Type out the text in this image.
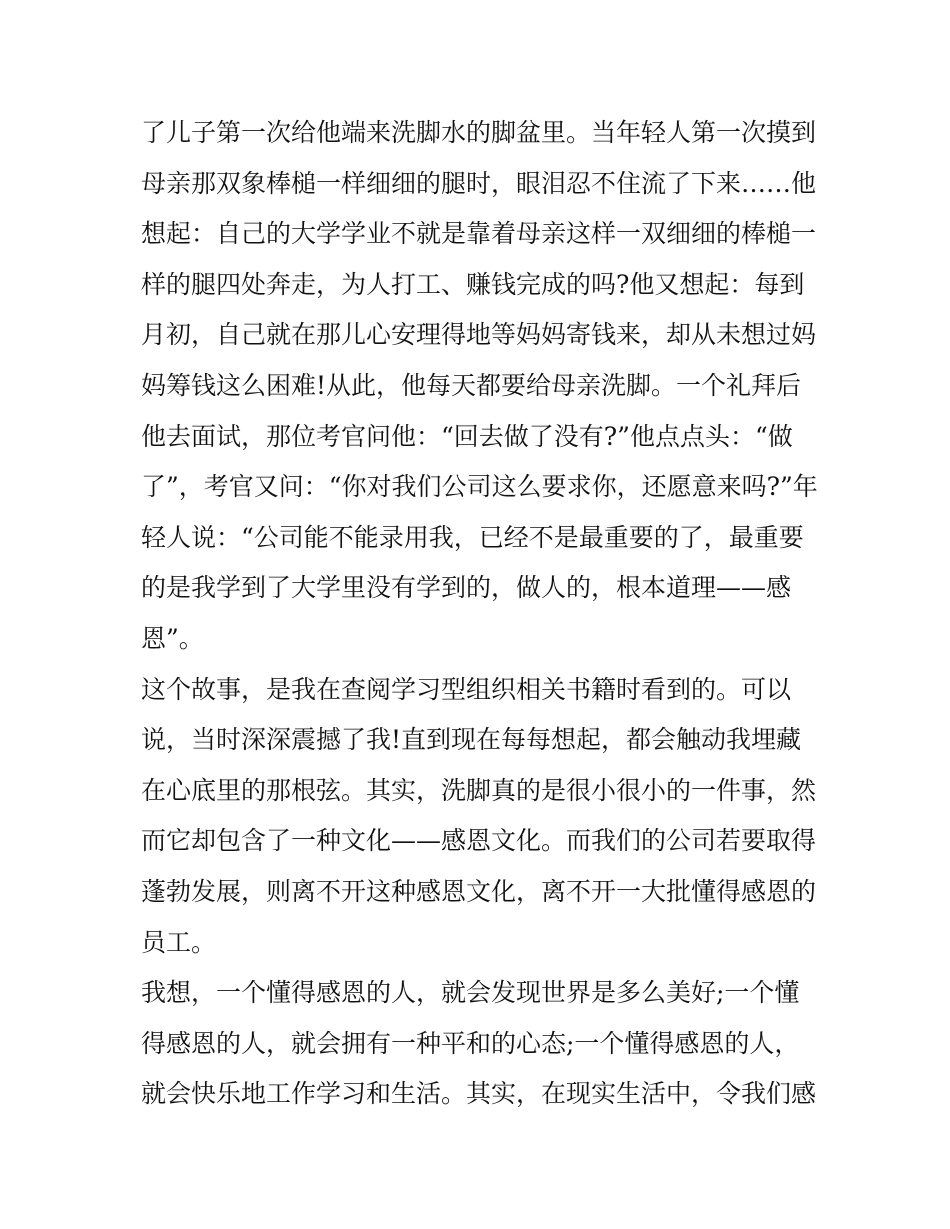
了儿子第一次给他端来洗脚水的脚盆里。当年轻人第一次摸到
母亲那双象棒槌一样细细的腿时，眼泪忍不住流了下来……他
想起：自己的大学学业不就是靠着母亲这样一双细细的棒槌一
样的腿四处奔走，为人打工、赚钱完成的吗?他又想起：每到
月初，自己就在那儿心安理得地等妈妈寄钱来，却从未想过妈
妈筹钱这么困难!从此，他每天都要给母亲洗脚。一个礼拜后
他去面试，那位考官问他：“回去做了没有?”他点点头：“做
了”，考官又问：“你对我们公司这么要求你，还愿意来吗?”年
轻人说：“公司能不能录用我，已经不是最重要的了，最重要
的是我学到了大学里没有学到的，做人的，根本道理——感
恩”。
这个故事，是我在查阅学习型组织相关书籍时看到的。可以
说，当时深深震撼了我!直到现在每每想起，都会触动我埋藏
在心底里的那根弦。其实，洗脚真的是很小很小的一件事，然
而它却包含了一种文化——感恩文化。而我们的公司若要取得
蓬勃发展，则离不开这种感恩文化，离不开一大批懂得感恩的
员工。
我想，一个懂得感恩的人，就会发现世界是多么美好;一个懂
得感恩的人，就会拥有一种平和的心态;一个懂得感恩的人，
就会快乐地工作学习和生活。其实，在现实生活中，令我们感
